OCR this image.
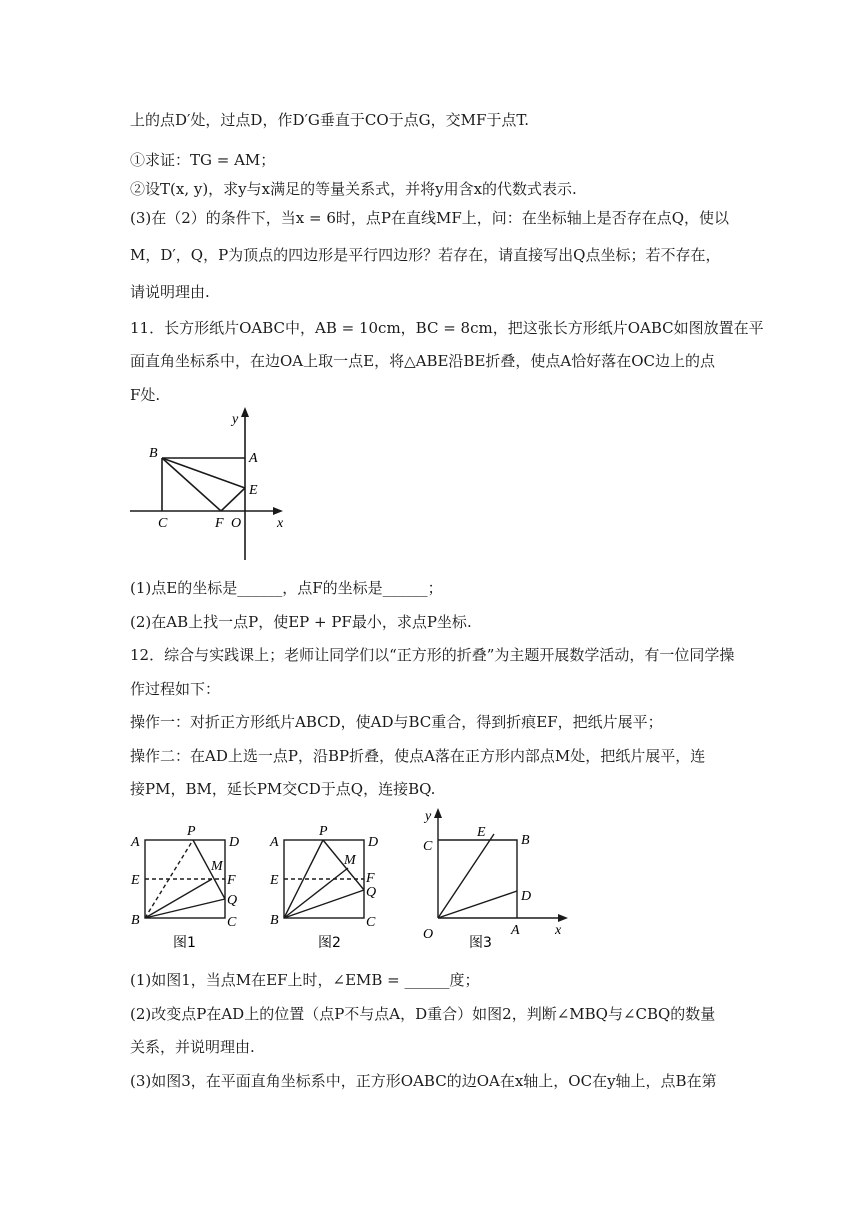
上的点D′处，过点D，作D′G垂直于CO于点G，交MF于点T.
①求证：TG = AM；
②设T(x, y)，求y与x满足的等量关系式，并将y用含x的代数式表示.
(3)在（2）的条件下，当x = 6时，点P在直线MF上，问：在坐标轴上是否存在点Q，使以
M，D′，Q，P为顶点的四边形是平行四边形？若存在，请直接写出Q点坐标；若不存在，
请说明理由.
11．长方形纸片OABC中，AB = 10cm，BC = 8cm，把这张长方形纸片OABC如图放置在平
面直角坐标系中，在边OA上取一点E，将△ABE沿BE折叠，使点A恰好落在OC边上的点
F处.
y
B	A
E
C	F O	x
(1)点E的坐标是______，点F的坐标是______；
(2)在AB上找一点P，使EP + PF最小，求点P坐标.
12．综合与实践课上；老师让同学们以“正方形的折叠”为主题开展数学活动，有一位同学操
作过程如下：
操作一：对折正方形纸片ABCD，使AD与BC重合，得到折痕EF，把纸片展平；
操作二：在AD上选一点P，沿BP折叠，使点A落在正方形内部点M处，把纸片展平，连
接PM，BM，延长PM交CD于点Q，连接BQ.
A
P
D
M
E	F
Q
B	C
图1
A
P
D
M
E	F
Q
B	C
图2
y
E
B
C
D
O	A	x
图3
(1)如图1，当点M在EF上时，∠EMB = ______度；
(2)改变点P在AD上的位置（点P不与点A，D重合）如图2，判断∠MBQ与∠CBQ的数量
关系，并说明理由.
(3)如图3，在平面直角坐标系中，正方形OABC的边OA在x轴上，OC在y轴上，点B在第
